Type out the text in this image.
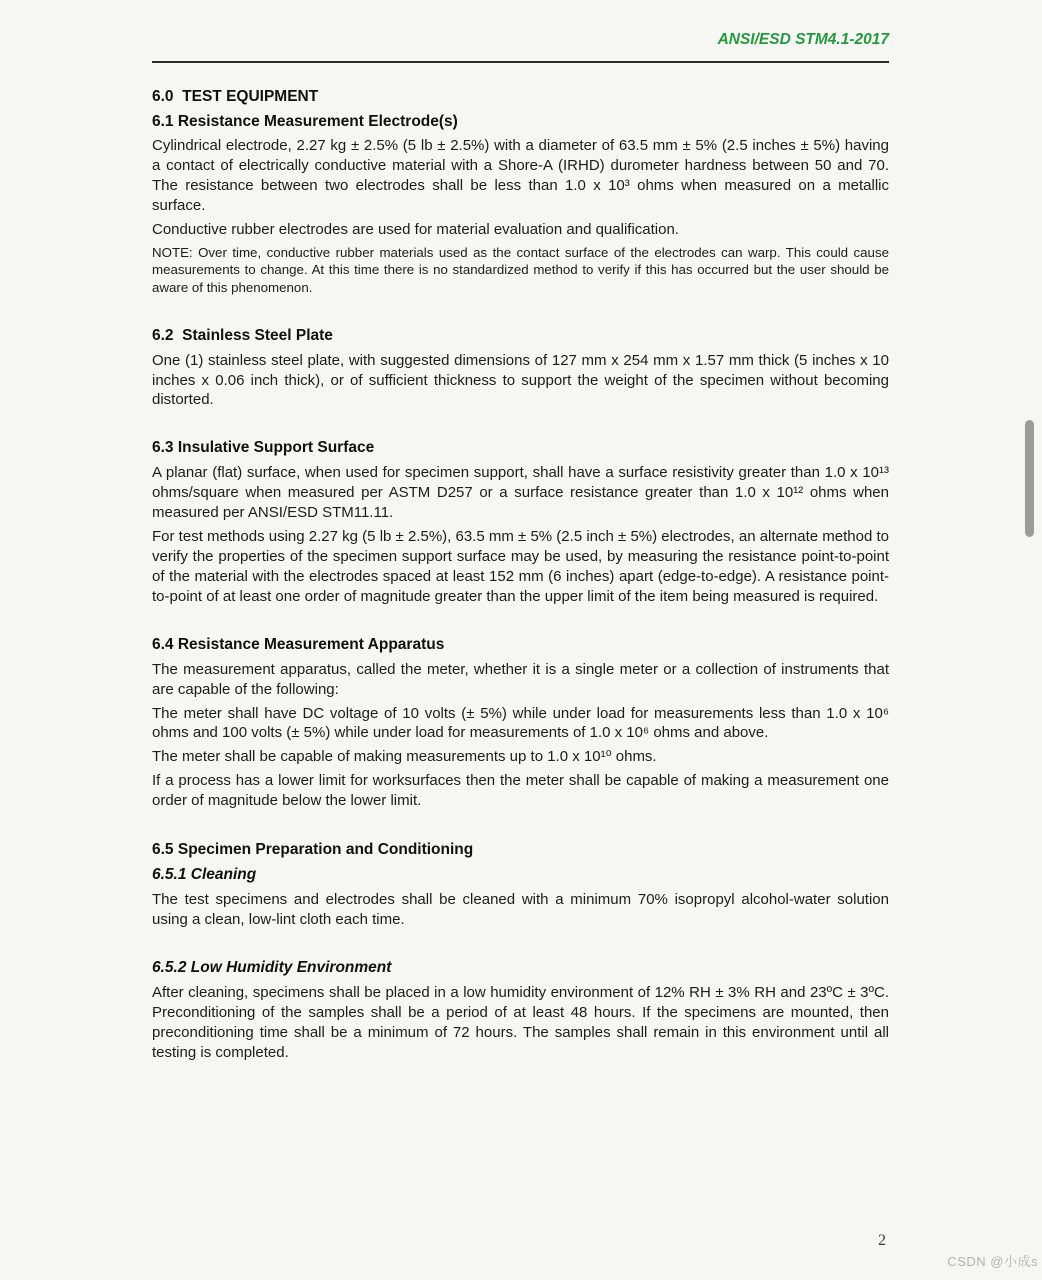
ANSI/ESD STM4.1-2017
6.0  TEST EQUIPMENT
6.1 Resistance Measurement Electrode(s)

Cylindrical electrode, 2.27 kg ± 2.5% (5 lb ± 2.5%) with a diameter of 63.5 mm ± 5% (2.5 inches ± 5%) having a contact of electrically conductive material with a Shore-A (IRHD) durometer hardness between 50 and 70. The resistance between two electrodes shall be less than 1.0 x 10³ ohms when measured on a metallic surface.

Conductive rubber electrodes are used for material evaluation and qualification.

NOTE: Over time, conductive rubber materials used as the contact surface of the electrodes can warp. This could cause measurements to change. At this time there is no standardized method to verify if this has occurred but the user should be aware of this phenomenon.

6.2  Stainless Steel Plate

One (1) stainless steel plate, with suggested dimensions of 127 mm x 254 mm x 1.57 mm thick (5 inches x 10 inches x 0.06 inch thick), or of sufficient thickness to support the weight of the specimen without becoming distorted.

6.3 Insulative Support Surface

A planar (flat) surface, when used for specimen support, shall have a surface resistivity greater than 1.0 x 10¹³ ohms/square when measured per ASTM D257 or a surface resistance greater than 1.0 x 10¹² ohms when measured per ANSI/ESD STM11.11.

For test methods using 2.27 kg (5 lb ± 2.5%), 63.5 mm ± 5% (2.5 inch ± 5%) electrodes, an alternate method to verify the properties of the specimen support surface may be used, by measuring the resistance point-to-point of the material with the electrodes spaced at least 152 mm (6 inches) apart (edge-to-edge). A resistance point-to-point of at least one order of magnitude greater than the upper limit of the item being measured is required.

6.4 Resistance Measurement Apparatus

The measurement apparatus, called the meter, whether it is a single meter or a collection of instruments that are capable of the following:

The meter shall have DC voltage of 10 volts (± 5%) while under load for measurements less than 1.0 x 10⁶ ohms and 100 volts (± 5%) while under load for measurements of 1.0 x 10⁶ ohms and above.

The meter shall be capable of making measurements up to 1.0 x 10¹⁰ ohms.

If a process has a lower limit for worksurfaces then the meter shall be capable of making a measurement one order of magnitude below the lower limit.

6.5 Specimen Preparation and Conditioning
6.5.1 Cleaning

The test specimens and electrodes shall be cleaned with a minimum 70% isopropyl alcohol-water solution using a clean, low-lint cloth each time.

6.5.2 Low Humidity Environment

After cleaning, specimens shall be placed in a low humidity environment of 12% RH ± 3% RH and 23ºC ± 3ºC. Preconditioning of the samples shall be a period of at least 48 hours. If the specimens are mounted, then preconditioning time shall be a minimum of 72 hours. The samples shall remain in this environment until all testing is completed.

2
CSDN @小成s
